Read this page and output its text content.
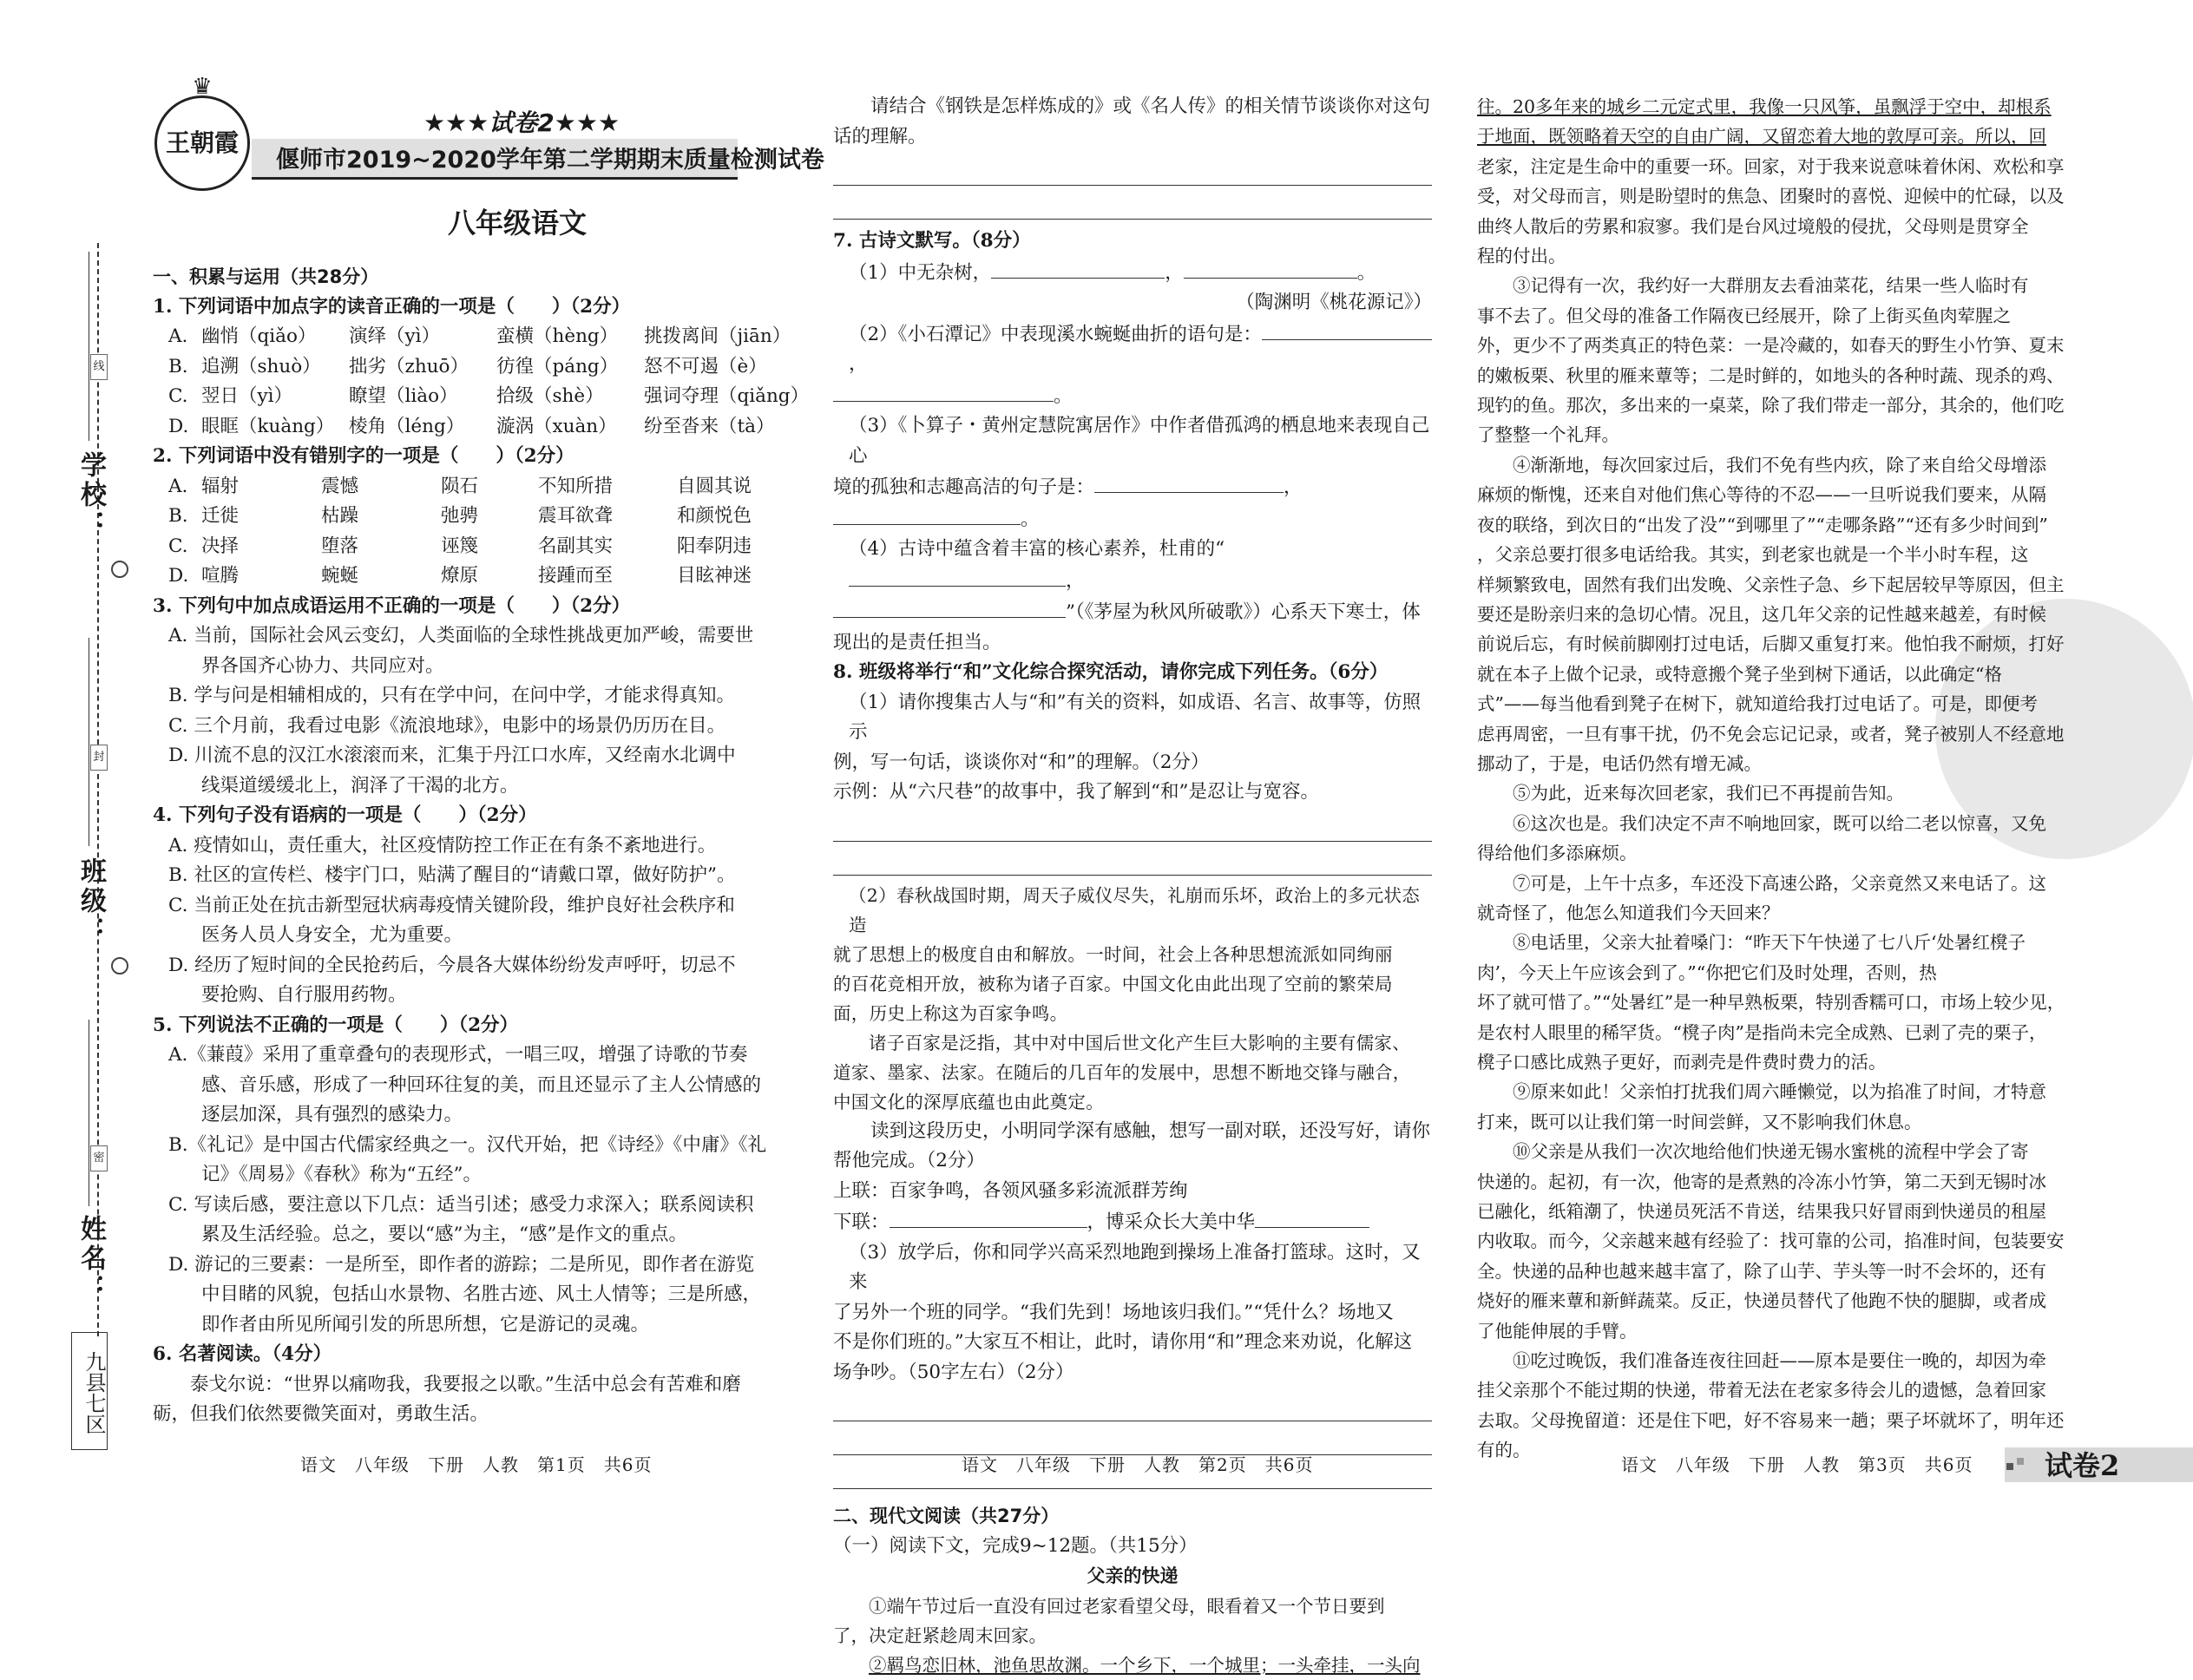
线
封
密
学校：
班级：
姓名：
九县七区
♛
王朝霞
★★★试卷2★★★
偃师市2019~2020学年第二学期期末质量检测试卷
八年级语文

一、积累与运用（共28分）

1. 下列词语中加点字的读音正确的一项是（　　）（2分）

A. 幽悄（qiǎo）	演绎（yì）	蛮横（hèng）	挑拨离间（jiān）
B. 追溯（shuò）	拙劣（zhuō）	彷徨（páng）	怒不可遏（è）
C. 翌日（yì）	瞭望（liào）	拾级（shè）	强词夺理（qiǎng）
D. 眼眶（kuàng） 棱角（léng）	漩涡（xuàn）	纷至沓来（tà）

2. 下列词语中没有错别字的一项是（　　）（2分）

A. 辐射	震憾	陨石	不知所措	自圆其说
B. 迁徙	枯躁	弛骋	震耳欲聋	和颜悦色
C. 决择	堕落	诬篾	名副其实	阳奉阴违
D. 喧腾	蜿蜒	燎原	接踵而至	目眩神迷

3. 下列句中加点成语运用不正确的一项是（　　）（2分）

A. 当前，国际社会风云变幻，人类面临的全球性挑战更加严峻，需要世

界各国齐心协力、共同应对。

B. 学与问是相辅相成的，只有在学中问，在问中学，才能求得真知。

C. 三个月前，我看过电影《流浪地球》，电影中的场景仍历历在目。

D. 川流不息的汉江水滚滚而来，汇集于丹江口水库，又经南水北调中

线渠道缓缓北上，润泽了干渴的北方。

4. 下列句子没有语病的一项是（　　）（2分）

A. 疫情如山，责任重大，社区疫情防控工作正在有条不紊地进行。

B. 社区的宣传栏、楼宇门口，贴满了醒目的“请戴口罩，做好防护”。

C. 当前正处在抗击新型冠状病毒疫情关键阶段，维护良好社会秩序和

医务人员人身安全，尤为重要。

D. 经历了短时间的全民抢药后，今晨各大媒体纷纷发声呼吁，切忌不

要抢购、自行服用药物。

5. 下列说法不正确的一项是（　　）（2分）

A.《蒹葭》采用了重章叠句的表现形式，一唱三叹，增强了诗歌的节奏

感、音乐感，形成了一种回环往复的美，而且还显示了主人公情感的

逐层加深，具有强烈的感染力。

B.《礼记》是中国古代儒家经典之一。汉代开始，把《诗经》《中庸》《礼

记》《周易》《春秋》称为“五经”。

C. 写读后感，要注意以下几点：适当引述；感受力求深入；联系阅读积

累及生活经验。总之，要以“感”为主，“感”是作文的重点。

D. 游记的三要素：一是所至，即作者的游踪；二是所见，即作者在游览

中目睹的风貌，包括山水景物、名胜古迹、风土人情等；三是所感，

即作者由所见所闻引发的所思所想，它是游记的灵魂。

6. 名著阅读。（4分）

泰戈尔说：“世界以痛吻我，我要报之以歌。”生活中总会有苦难和磨

砺，但我们依然要微笑面对，勇敢生活。

语文　八年级　下册　人教　第1页　共6页

请结合《钢铁是怎样炼成的》或《名人传》的相关情节谈谈你对这句

话的理解。

7. 古诗文默写。（8分）

（1）中无杂树，	，	。

（陶渊明《桃花源记》）

（2）《小石潭记》中表现溪水蜿蜒曲折的语句是：，

。

（3）《卜算子・黄州定慧院寓居作》中作者借孤鸿的栖息地来表现自己心

境的孤独和志趣高洁的句子是：	，。

（4）古诗中蕴含着丰富的核心素养，杜甫的“，

”（《茅屋为秋风所破歌》）心系天下寒士，体

现出的是责任担当。

8. 班级将举行“和”文化综合探究活动，请你完成下列任务。（6分）

（1）请你搜集古人与“和”有关的资料，如成语、名言、故事等，仿照示

例，写一句话，谈谈你对“和”的理解。（2分）

示例：从“六尺巷”的故事中，我了解到“和”是忍让与宽容。

（2）春秋战国时期，周天子威仪尽失，礼崩而乐坏，政治上的多元状态造

就了思想上的极度自由和解放。一时间，社会上各种思想流派如同绚丽

的百花竞相开放，被称为诸子百家。中国文化由此出现了空前的繁荣局

面，历史上称这为百家争鸣。

诸子百家是泛指，其中对中国后世文化产生巨大影响的主要有儒家、

道家、墨家、法家。在随后的几百年的发展中，思想不断地交锋与融合，

中国文化的深厚底蕴也由此奠定。

读到这段历史，小明同学深有感触，想写一副对联，还没写好，请你

帮他完成。（2分）

上联：百家争鸣，各领风骚多彩流派群芳绚

下联：	，博采众长大美中华

（3）放学后，你和同学兴高采烈地跑到操场上准备打篮球。这时，又来

了另外一个班的同学。“我们先到！场地该归我们。”“凭什么？场地又

不是你们班的。”大家互不相让，此时，请你用“和”理念来劝说，化解这

场争吵。（50字左右）（2分）

二、现代文阅读（共27分）

（一）阅读下文，完成9~12题。（共15分）

父亲的快递

①端午节过后一直没有回过老家看望父母，眼看着又一个节日要到

了，决定赶紧趁周末回家。

②羁鸟恋旧林，池鱼思故渊。一个乡下，一个城里；一头牵挂，一头向

语文　八年级　下册　人教　第2页　共6页

往。20多年来的城乡二元定式里，我像一只风筝，虽飘浮于空中，却根系

于地面，既领略着天空的自由广阔，又留恋着大地的敦厚可亲。所以，回

老家，注定是生命中的重要一环。回家，对于我来说意味着休闲、欢松和享

受，对父母而言，则是盼望时的焦急、团聚时的喜悦、迎候中的忙碌，以及

曲终人散后的劳累和寂寥。我们是台风过境般的侵扰，父母则是贯穿全

程的付出。

③记得有一次，我约好一大群朋友去看油菜花，结果一些人临时有

事不去了。但父母的准备工作隔夜已经展开，除了上街买鱼肉荤腥之

外，更少不了两类真正的特色菜：一是冷藏的，如春天的野生小竹笋、夏末

的嫩板栗、秋里的雁来蕈等；二是时鲜的，如地头的各种时蔬、现杀的鸡、

现钓的鱼。那次，多出来的一桌菜，除了我们带走一部分，其余的，他们吃

了整整一个礼拜。

④渐渐地，每次回家过后，我们不免有些内疚，除了来自给父母增添

麻烦的惭愧，还来自对他们焦心等待的不忍——一旦听说我们要来，从隔

夜的联络，到次日的“出发了没”“到哪里了”“走哪条路”“还有多少时间到”

，父亲总要打很多电话给我。其实，到老家也就是一个半小时车程，这

样频繁致电，固然有我们出发晚、父亲性子急、乡下起居较早等原因，但主

要还是盼亲归来的急切心情。况且，这几年父亲的记性越来越差，有时候

前说后忘，有时候前脚刚打过电话，后脚又重复打来。他怕我不耐烦，打好

就在本子上做个记录，或特意搬个凳子坐到树下通话，以此确定“格

式”——每当他看到凳子在树下，就知道给我打过电话了。可是，即便考

虑再周密，一旦有事干扰，仍不免会忘记记录，或者，凳子被别人不经意地

挪动了，于是，电话仍然有增无减。

⑤为此，近来每次回老家，我们已不再提前告知。

⑥这次也是。我们决定不声不响地回家，既可以给二老以惊喜，又免

得给他们多添麻烦。

⑦可是，上午十点多，车还没下高速公路，父亲竟然又来电话了。这

就奇怪了，他怎么知道我们今天回来？

⑧电话里，父亲大扯着嗓门：“昨天下午快递了七八斤‘处暑红櫈子

肉’，今天上午应该会到了。”“你把它们及时处理，否则，热

坏了就可惜了。”“处暑红”是一种早熟板栗，特别香糯可口，市场上较少见，

是农村人眼里的稀罕货。“櫈子肉”是指尚未完全成熟、已剥了壳的栗子，

櫈子口感比成熟子更好，而剥壳是件费时费力的活。

⑨原来如此！父亲怕打扰我们周六睡懒觉，以为掐准了时间，才特意

打来，既可以让我们第一时间尝鲜，又不影响我们休息。

⑩父亲是从我们一次次地给他们快递无锡水蜜桃的流程中学会了寄

快递的。起初，有一次，他寄的是煮熟的冷冻小竹笋，第二天到无锡时冰

已融化，纸箱潮了，快递员死活不肯送，结果我只好冒雨到快递员的租屋

内收取。而今，父亲越来越有经验了：找可靠的公司，掐准时间，包装要安

全。快递的品种也越来越丰富了，除了山芋、芋头等一时不会坏的，还有

烧好的雁来蕈和新鲜蔬菜。反正，快递员替代了他跑不快的腿脚，或者成

了他能伸展的手臂。

⑪吃过晚饭，我们准备连夜往回赶——原本是要住一晚的，却因为牵

挂父亲那个不能过期的快递，带着无法在老家多待会儿的遗憾，急着回家

去取。父母挽留道：还是住下吧，好不容易来一趟；栗子坏就坏了，明年还

有的。

语文　八年级　下册　人教　第3页　共6页	试卷2
